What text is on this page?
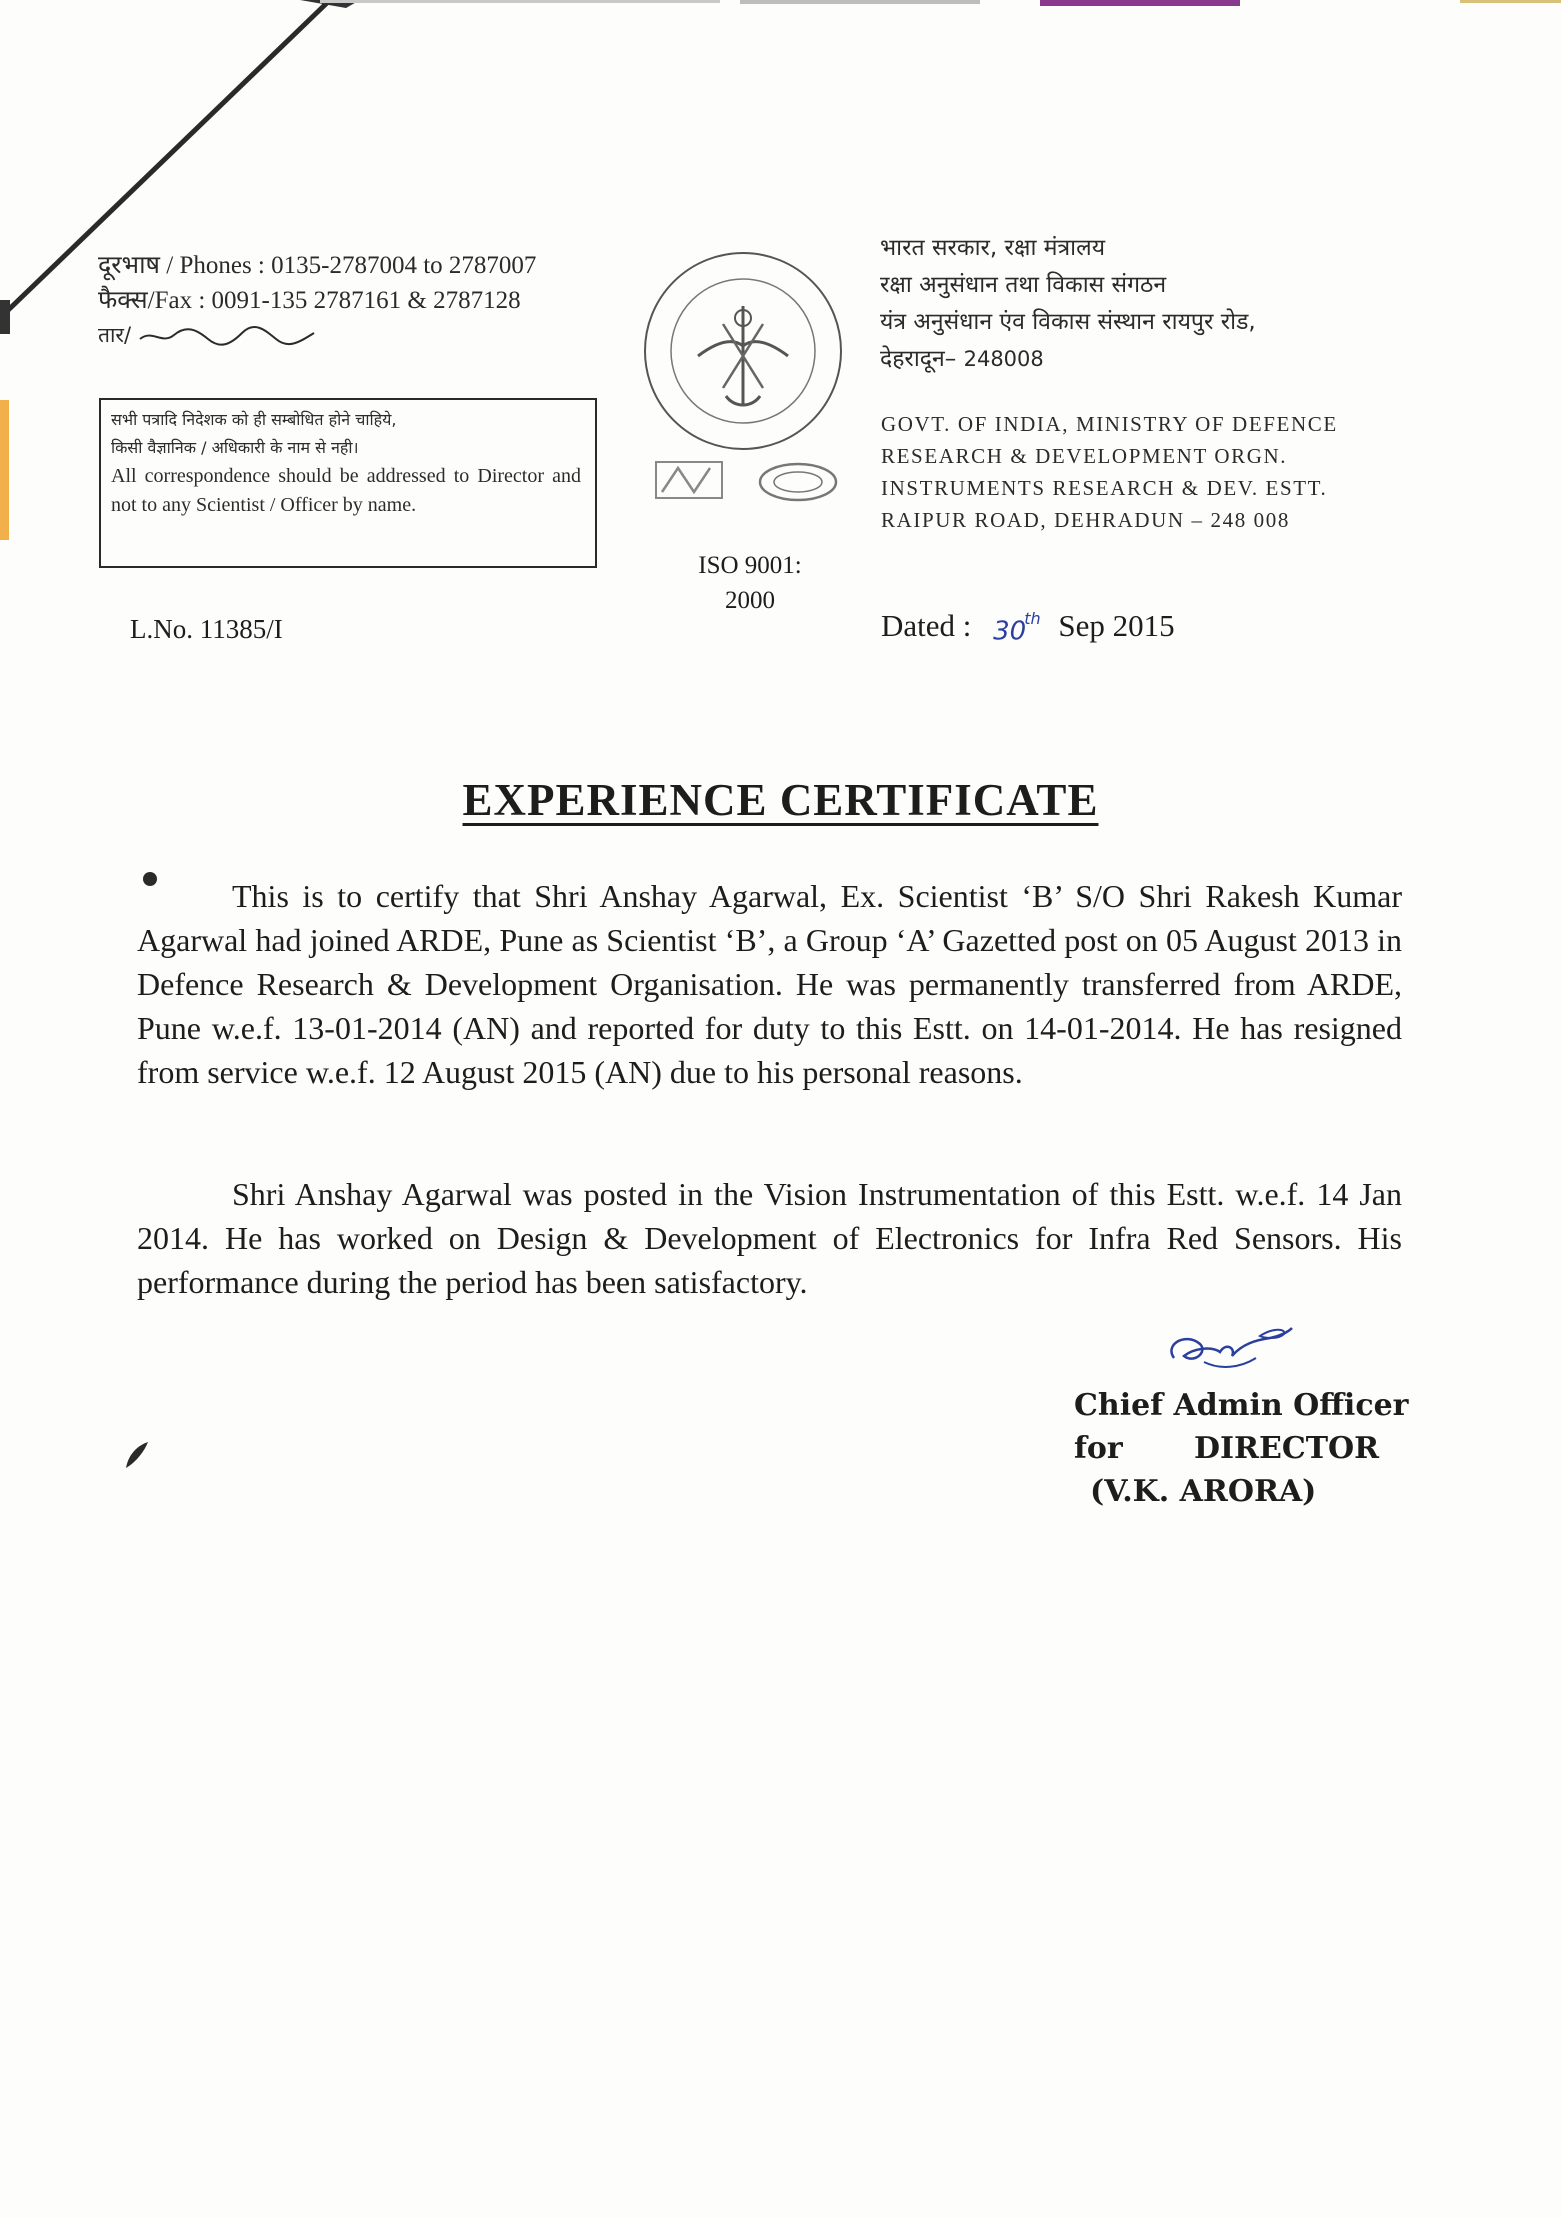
दूरभाष / Phones : 0135-2787004 to 2787007
फैक्स/Fax : 0091-135 2787161 & 2787128
तार/
सभी पत्रादि निदेशक को ही सम्बोधित होने चाहिये,
किसी वैज्ञानिक / अधिकारी के नाम से नही।
All correspondence should be addressed to Director and not to any Scientist / Officer by name.
L.No. 11385/I
ISO 9001:
2000
भारत सरकार, रक्षा मंत्रालय
रक्षा अनुसंधान तथा विकास संगठन
यंत्र अनुसंधान एंव विकास संस्थान रायपुर रोड,
देहरादून– 248008
GOVT. OF INDIA, MINISTRY OF DEFENCE
RESEARCH & DEVELOPMENT ORGN.
INSTRUMENTS RESEARCH & DEV. ESTT.
RAIPUR ROAD, DEHRADUN – 248 008
Dated : 30th Sep 2015
EXPERIENCE CERTIFICATE
This is to certify that Shri Anshay Agarwal, Ex. Scientist ‘B’ S/O Shri Rakesh Kumar Agarwal had joined ARDE, Pune as Scientist ‘B’, a Group ‘A’ Gazetted post on 05 August 2013 in Defence Research & Development Organisation. He was permanently transferred from ARDE, Pune w.e.f. 13-01-2014 (AN) and reported for duty to this Estt. on 14-01-2014. He has resigned from service w.e.f. 12 August 2015 (AN) due to his personal reasons.
Shri Anshay Agarwal was posted in the Vision Instrumentation of this Estt. w.e.f. 14 Jan 2014. He has worked on Design & Development of Electronics for Infra Red Sensors. His performance during the period has been satisfactory.
Chief Admin Officer
for DIRECTOR
(V.K. ARORA)
